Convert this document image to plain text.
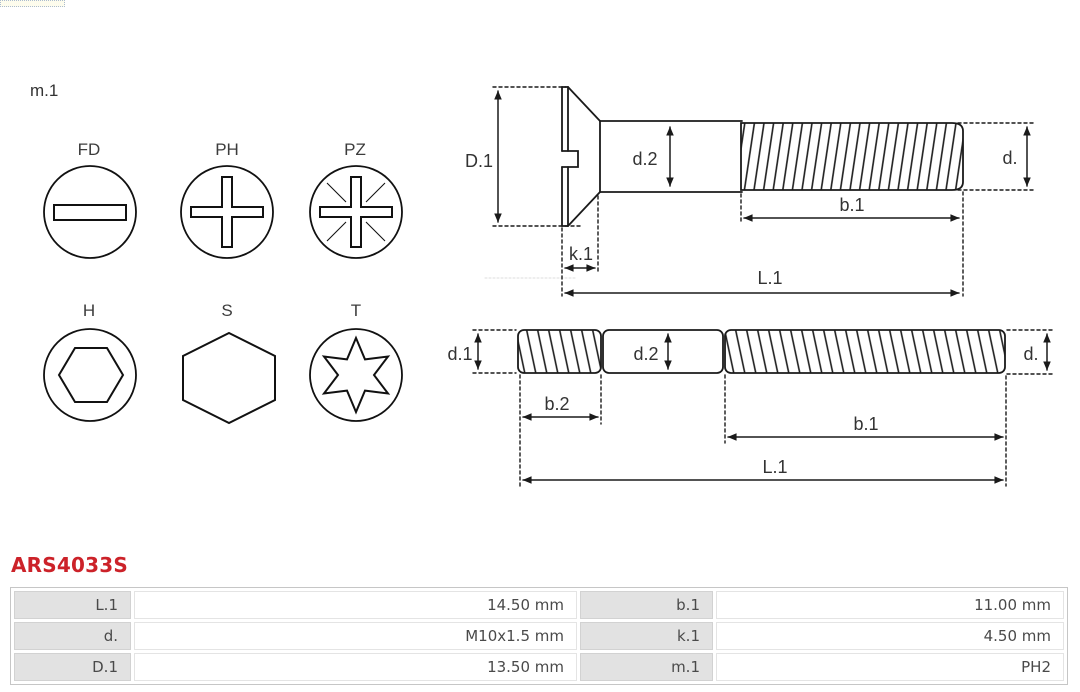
m.1
FD	PH	PZ
H	S	T
D.1	d.2	d.
b.1
k.1
L.1
d.1	d.2	d.
b.2
b.1
L.1
ARS4033S
L.1	14.50 mm	b.1	11.00 mm
d.	M10x1.5 mm	k.1	4.50 mm
D.1	13.50 mm	m.1	PH2
